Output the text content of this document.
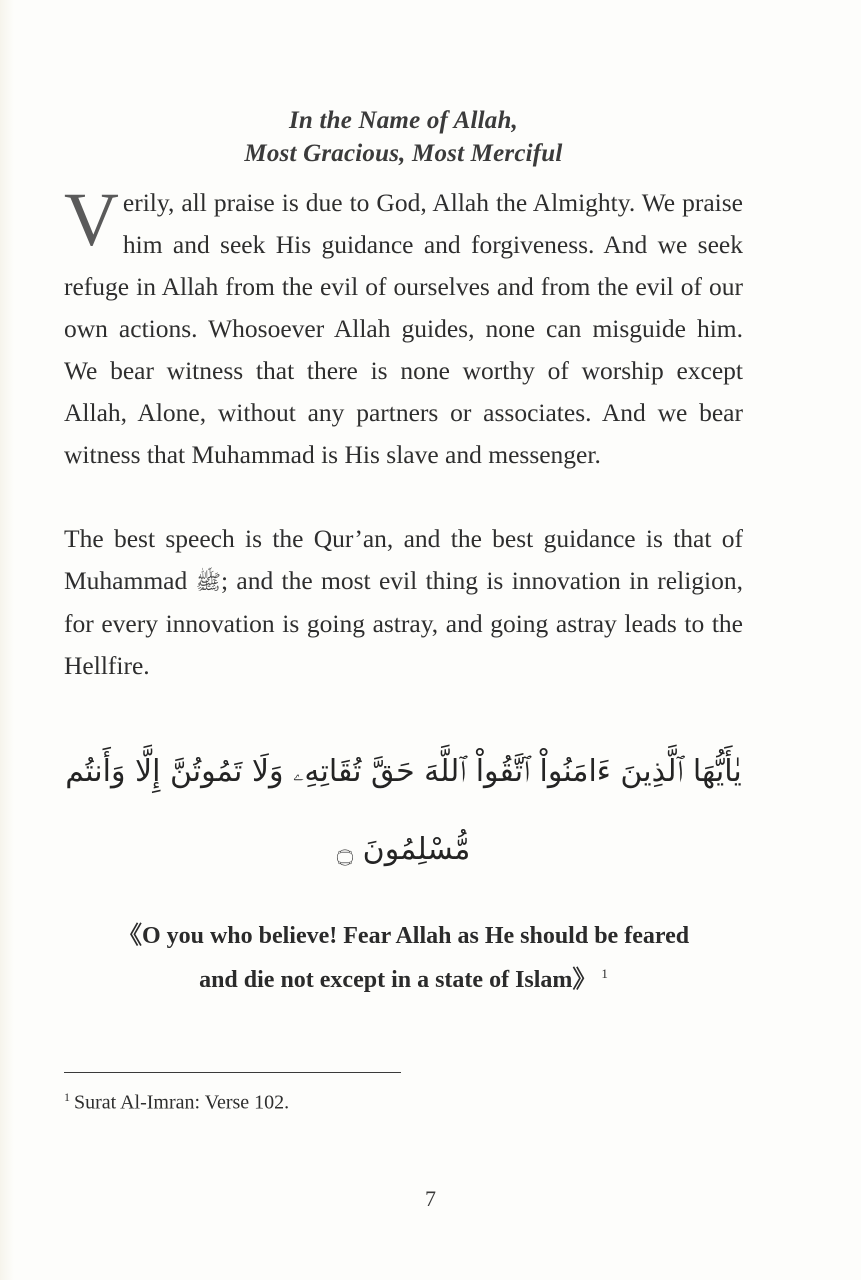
In the Name of Allah,
Most Gracious, Most Merciful

Verily, all praise is due to God, Allah the Almighty. We praise him and seek His guidance and forgiveness. And we seek refuge in Allah from the evil of ourselves and from the evil of our own actions. Whosoever Allah guides, none can misguide him. We bear witness that there is none worthy of worship except Allah, Alone, without any partners or associates. And we bear witness that Muhammad is His slave and messenger.

The best speech is the Qur’an, and the best guidance is that of Muhammad ﷺ; and the most evil thing is innovation in religion, for every innovation is going astray, and going astray leads to the Hellfire.

يٰأَيُّهَا ٱلَّذِينَ ءَامَنُواْ ٱتَّقُواْ ٱللَّهَ حَقَّ تُقَاتِهِۦ وَلَا تَمُوتُنَّ إِلَّا وَأَنتُم
مُّسْلِمُونَ ۝
《O you who believe! Fear Allah as He should be feared
and die not except in a state of Islam》 $^1$
$^1$ Surat Al-Imran: Verse 102.
7
